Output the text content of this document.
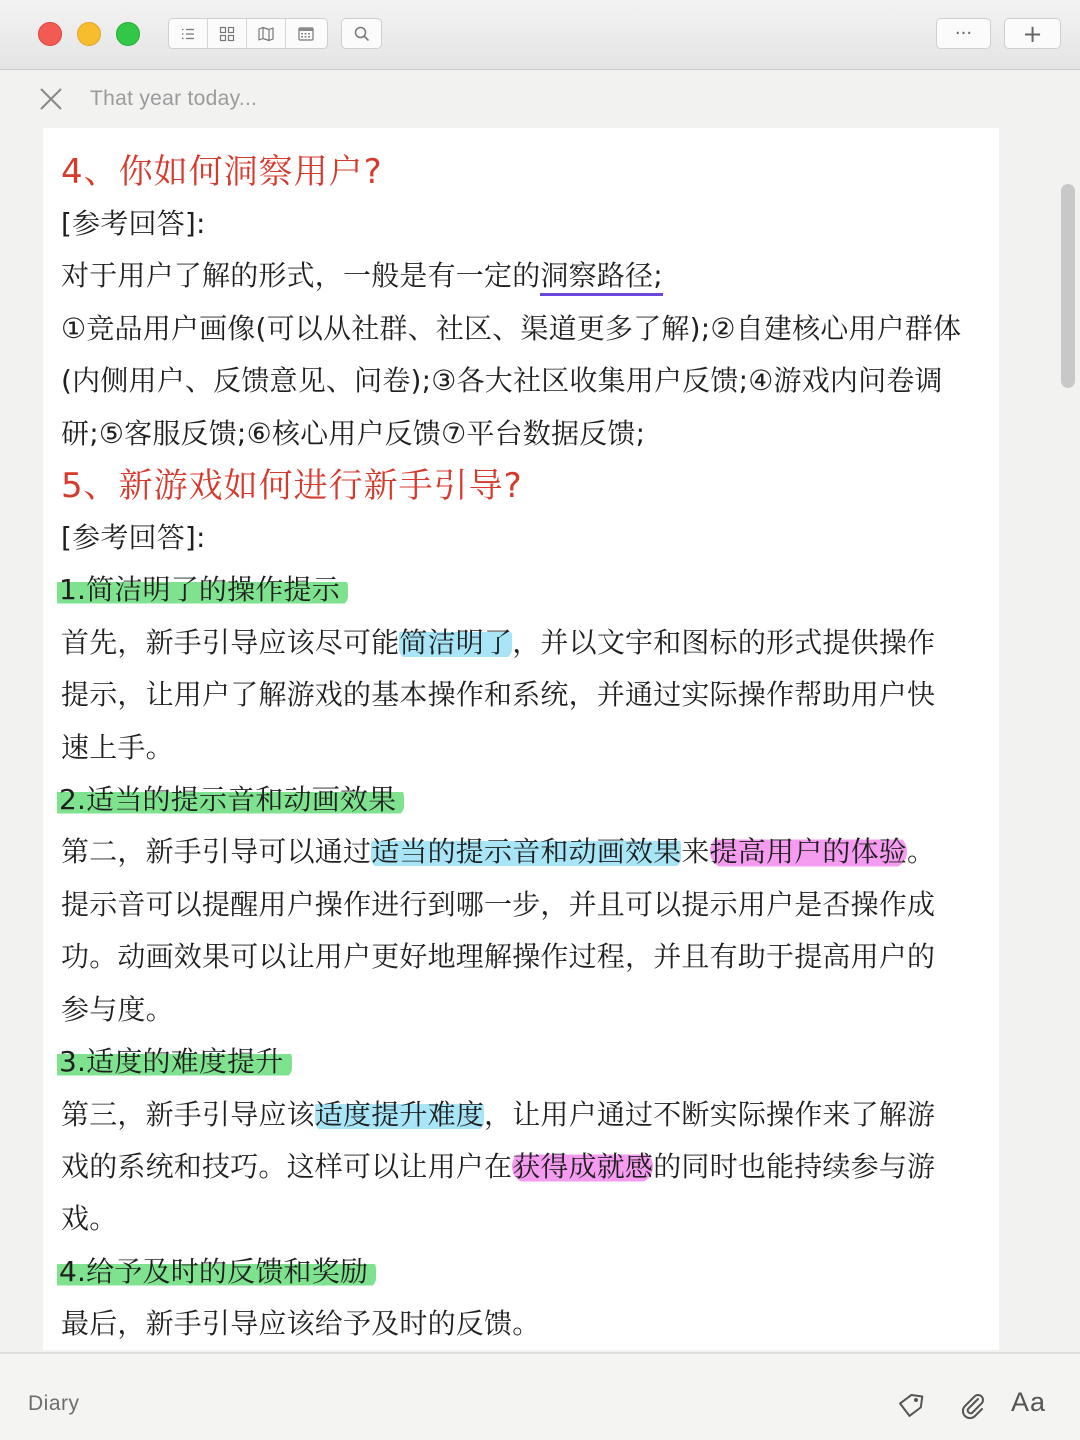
··· +
That year today...
4、你如何洞察用户?
[参考回答]:
对于用户了解的形式，一般是有一定的洞察路径;
①竞品用户画像(可以从社群、社区、渠道更多了解);②自建核心用户群体
(内侧用户、反馈意见、问卷);③各大社区收集用户反馈;④游戏内问卷调
研;⑤客服反馈;⑥核心用户反馈⑦平台数据反馈;
5、新游戏如何进行新手引导?
[参考回答]:
1.简洁明了的操作提示
首先，新手引导应该尽可能简洁明了，并以文宇和图标的形式提供操作
提示，让用户了解游戏的基本操作和系统，并通过实际操作帮助用户快
速上手。
2.适当的提示音和动画效果
第二，新手引导可以通过适当的提示音和动画效果来提高用户的体验。
提示音可以提醒用户操作进行到哪一步，并且可以提示用户是否操作成
功。动画效果可以让用户更好地理解操作过程，并且有助于提高用户的
参与度。
3.适度的难度提升
第三，新手引导应该适度提升难度，让用户通过不断实际操作来了解游
戏的系统和技巧。这样可以让用户在获得成就感的同时也能持续参与游
戏。
4.给予及时的反馈和奖励
最后，新手引导应该给予及时的反馈。
Diary	Aa
